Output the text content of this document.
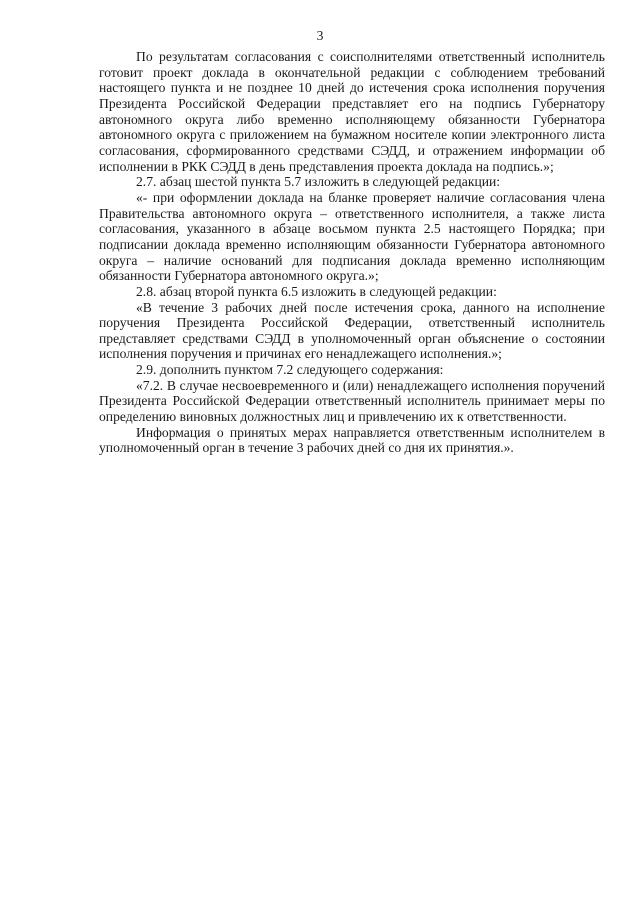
3

По результатам согласования с соисполнителями ответственный исполнитель готовит проект доклада в окончательной редакции с соблюдением требований настоящего пункта и не позднее 10 дней до истечения срока исполнения поручения Президента Российской Федерации представляет его на подпись Губернатору автономного округа либо временно исполняющему обязанности Губернатора автономного округа с приложением на бумажном носителе копии электронного листа согласования, сформированного средствами СЭДД, и отражением информации об исполнении в РКК СЭДД в день представления проекта доклада на подпись.»;

2.7. абзац шестой пункта 5.7 изложить в следующей редакции:

«- при оформлении доклада на бланке проверяет наличие согласования члена Правительства автономного округа – ответственного исполнителя, а также листа согласования, указанного в абзаце восьмом пункта 2.5 настоящего Порядка; при подписании доклада временно исполняющим обязанности Губернатора автономного округа – наличие оснований для подписания доклада временно исполняющим обязанности Губернатора автономного округа.»;

2.8. абзац второй пункта 6.5 изложить в следующей редакции:

«В течение 3 рабочих дней после истечения срока, данного на исполнение поручения Президента Российской Федерации, ответственный исполнитель представляет средствами СЭДД в уполномоченный орган объяснение о состоянии исполнения поручения и причинах его ненадлежащего исполнения.»;

2.9. дополнить пунктом 7.2 следующего содержания:

«7.2. В случае несвоевременного и (или) ненадлежащего исполнения поручений Президента Российской Федерации ответственный исполнитель принимает меры по определению виновных должностных лиц и привлечению их к ответственности.

Информация о принятых мерах направляется ответственным исполнителем в уполномоченный орган в течение 3 рабочих дней со дня их принятия.».
